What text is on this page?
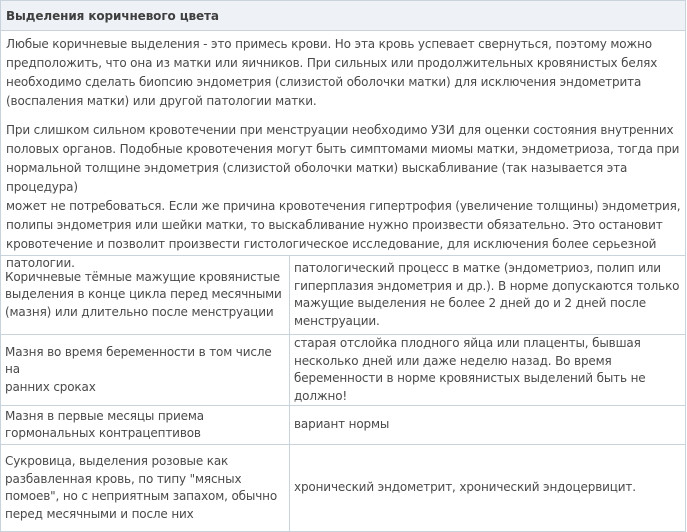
Выделения коричневого цвета

Любые коричневые выделения - это примесь крови. Но эта кровь успевает свернуться, поэтому можно
предположить, что она из матки или яичников. При сильных или продолжительных кровянистых белях
необходимо сделать биопсию эндометрия (слизистой оболочки матки) для исключения эндометрита
(воспаления матки) или другой патологии матки.

При слишком сильном кровотечении при менструации необходимо УЗИ для оценки состояния внутренних
половых органов. Подобные кровотечения могут быть симптомами миомы матки, эндометриоза, тогда при
нормальной толщине эндометрия (слизистой оболочки матки) выскабливание (так называется эта процедура)
может не потребоваться. Если же причина кровотечения гипертрофия (увеличение толщины) эндометрия,
полипы эндометрия или шейки матки, то выскабливание нужно произвести обязательно. Это остановит
кровотечение и позволит произвести гистологическое исследование, для исключения более серьезной
патологии.

Коричневые тёмные мажущие кровянистые
выделения в конце цикла перед месячными
(мазня) или длительно после менструации	патологический процесс в матке (эндометриоз, полип или
гиперплазия эндометрия и др.). В норме допускаются только
мажущие выделения не более 2 дней до и 2 дней после
менструации.
Мазня во время беременности в том числе на
ранних сроках	старая отслойка плодного яйца или плаценты, бывшая
несколько дней или даже неделю назад. Во время
беременности в норме кровянистых выделений быть не должно!
Мазня в первые месяцы приема
гормональных контрацептивов	вариант нормы
Сукровица, выделения розовые как
разбавленная кровь, по типу "мясных
помоев", но с неприятным запахом, обычно
перед месячными и после них	хронический эндометрит, хронический эндоцервицит.
